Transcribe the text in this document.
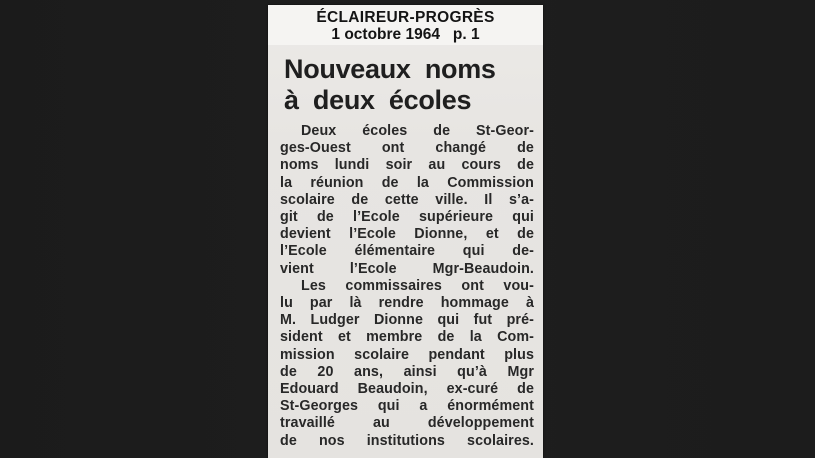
ÉCLAIREUR-PROGRÈS
1 octobre 1964   p. 1
Nouveaux noms
à deux écoles
Deux écoles de St-Geor-
ges-Ouest ont changé de
noms lundi soir au cours de
la réunion de la Commission
scolaire de cette ville. Il s’a-
git de l’Ecole supérieure qui
devient l’Ecole Dionne, et de
l’Ecole élémentaire qui de-
vient l’Ecole Mgr-Beaudoin.
Les commissaires ont vou-
lu par là rendre hommage à
M. Ludger Dionne qui fut pré-
sident et membre de la Com-
mission scolaire pendant plus
de 20 ans, ainsi qu’à Mgr
Edouard Beaudoin, ex-curé de
St-Georges qui a énormément
travaillé au développement
de nos institutions scolaires.
